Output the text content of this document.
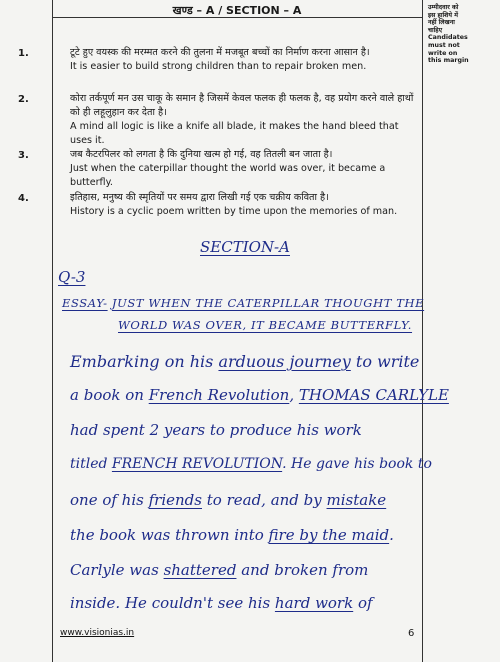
खण्ड – A / SECTION – A	उम्मीदवार को
इस हाशिये में
नहीं लिखना
चाहिए
Candidates
must not
write on
this margin
1.	टूटे हुए वयस्क की मरम्मत करने की तुलना में मजबूत बच्चों का निर्माण करना आसान है।
It is easier to build strong children than to repair broken men.
2.	कोरा तर्कपूर्ण मन उस चाकू के समान है जिसमें केवल फलक ही फलक है, वह प्रयोग करने वाले हाथों को ही लहूलुहान कर देता है।
A mind all logic is like a knife all blade, it makes the hand bleed that uses it.
3.	जब कैटरपिलर को लगता है कि दुनिया खत्म हो गई, वह तितली बन जाता है।
Just when the caterpillar thought the world was over, it became a butterfly.
4.	इतिहास, मनुष्य की स्मृतियों पर समय द्वारा लिखी गई एक चक्रीय कविता है।
History is a cyclic poem written by time upon the memories of man.
SECTION-A
Q-3
ESSAY- JUST WHEN THE CATERPILLAR THOUGHT THE
WORLD WAS OVER, IT BECAME BUTTERFLY.
Embarking on his arduous journey to write
a book on French Revolution, THOMAS CARLYLE
had spent 2 years to produce his work
titled FRENCH REVOLUTION. He gave his book to
one of his friends to read, and by mistake
the book was thrown into fire by the maid.
Carlyle was shattered and broken from
inside. He couldn't see his hard work of
www.visionias.in	6
